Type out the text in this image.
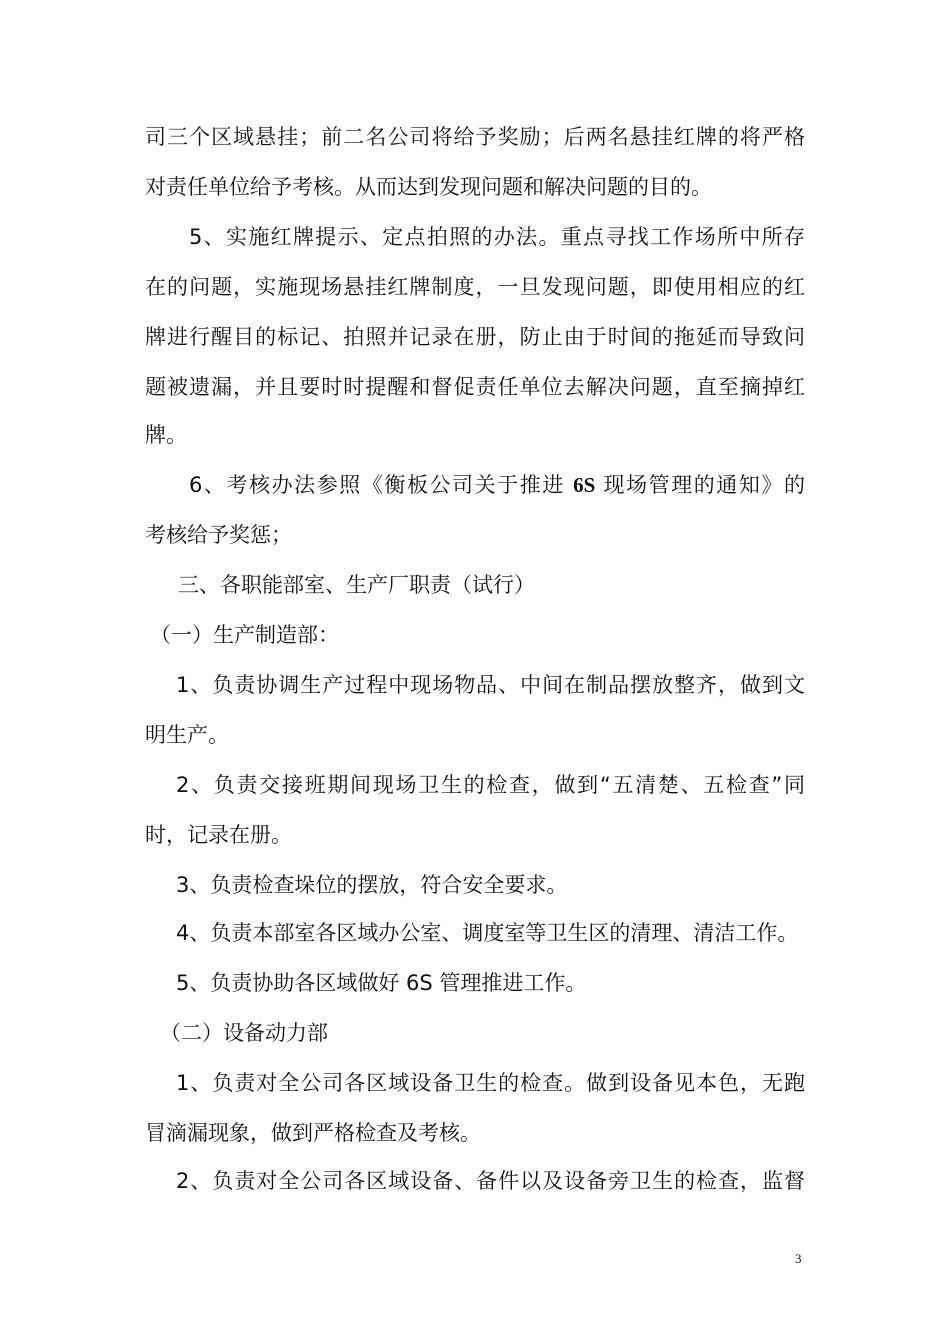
司三个区域悬挂；前二名公司将给予奖励；后两名悬挂红牌的将严格
对责任单位给予考核。从而达到发现问题和解决问题的目的。
5、实施红牌提示、定点拍照的办法。重点寻找工作场所中所存
在的问题，实施现场悬挂红牌制度，一旦发现问题，即使用相应的红
牌进行醒目的标记、拍照并记录在册，防止由于时间的拖延而导致问
题被遗漏，并且要时时提醒和督促责任单位去解决问题，直至摘掉红
牌。
6、考核办法参照《衡板公司关于推进 6S 现场管理的通知》的
考核给予奖惩；
三、各职能部室、生产厂职责（试行）
（一）生产制造部：
1、负责协调生产过程中现场物品、中间在制品摆放整齐，做到文
明生产。
2、负责交接班期间现场卫生的检查，做到“五清楚、五检查”同
时，记录在册。
3、负责检查垛位的摆放，符合安全要求。
4、负责本部室各区域办公室、调度室等卫生区的清理、清洁工作。
5、负责协助各区域做好 6S 管理推进工作。
（二）设备动力部
1、负责对全公司各区域设备卫生的检查。做到设备见本色，无跑
冒滴漏现象，做到严格检查及考核。
2、负责对全公司各区域设备、备件以及设备旁卫生的检查，监督
3
